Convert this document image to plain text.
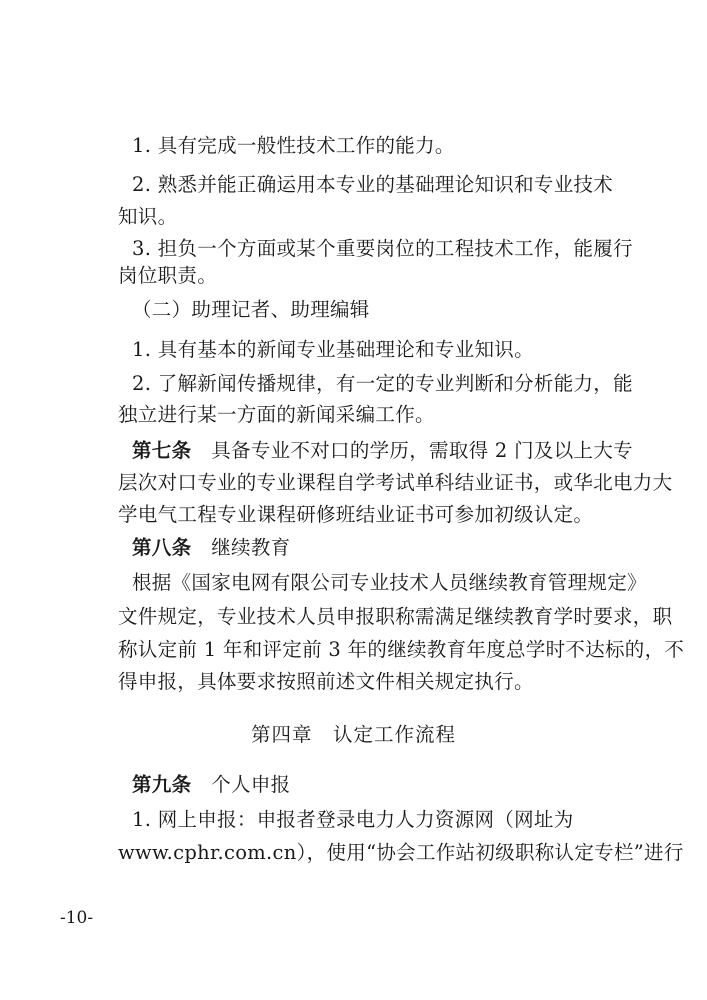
1. 具有完成一般性技术工作的能力。
2. 熟悉并能正确运用本专业的基础理论知识和专业技术
知识。
3. 担负一个方面或某个重要岗位的工程技术工作，能履行
岗位职责。
（二）助理记者、助理编辑
1. 具有基本的新闻专业基础理论和专业知识。
2. 了解新闻传播规律，有一定的专业判断和分析能力，能
独立进行某一方面的新闻采编工作。
第七条　 具备专业不对口的学历，需取得 2 门及以上大专
层次对口专业的专业课程自学考试单科结业证书，或华北电力大
学电气工程专业课程研修班结业证书可参加初级认定。
第八条　 继续教育
根据《国家电网有限公司专业技术人员继续教育管理规定》
文件规定，专业技术人员申报职称需满足继续教育学时要求，职
称认定前 1 年和评定前 3 年的继续教育年度总学时不达标的，不
得申报，具体要求按照前述文件相关规定执行。
第四章　认定工作流程
第九条　 个人申报
1. 网上申报：申报者登录电力人力资源网（网址为
www.cphr.com.cn），使用“协会工作站初级职称认定专栏”进行
-10-
